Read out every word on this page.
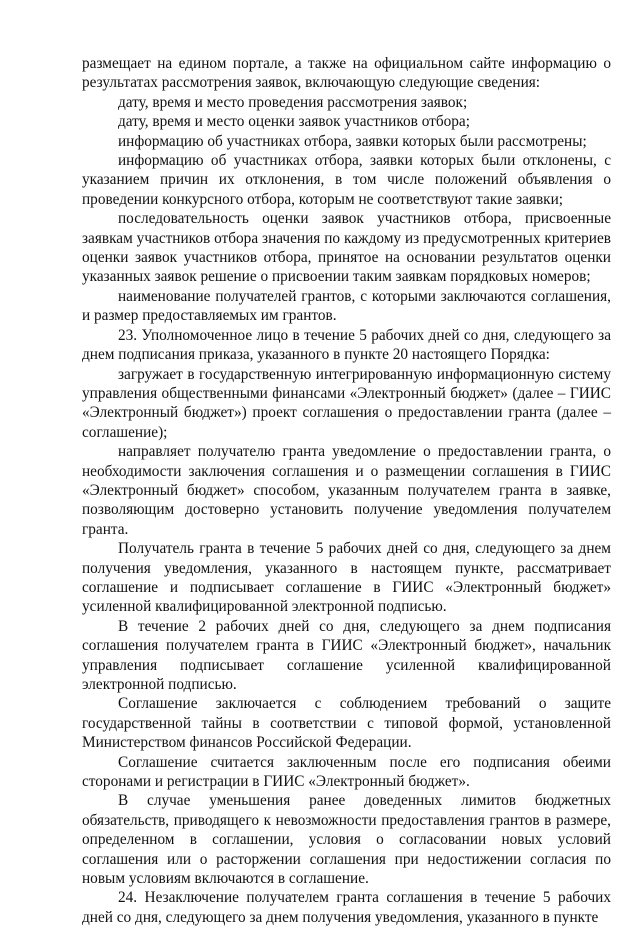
размещает на едином портале, а также на официальном сайте информацию о результатах рассмотрения заявок, включающую следующие сведения:

дату, время и место проведения рассмотрения заявок;

дату, время и место оценки заявок участников отбора;

информацию об участниках отбора, заявки которых были рассмотрены;

информацию об участниках отбора, заявки которых были отклонены, с указанием причин их отклонения, в том числе положений объявления о проведении конкурсного отбора, которым не соответствуют такие заявки;

последовательность оценки заявок участников отбора, присвоенные заявкам участников отбора значения по каждому из предусмотренных критериев оценки заявок участников отбора, принятое на основании результатов оценки указанных заявок решение о присвоении таким заявкам порядковых номеров;

наименование получателей грантов, с которыми заключаются соглашения, и размер предоставляемых им грантов.

23. Уполномоченное лицо в течение 5 рабочих дней со дня, следующего за днем подписания приказа, указанного в пункте 20 настоящего Порядка:

загружает в государственную интегрированную информационную систему управления общественными финансами «Электронный бюджет» (далее – ГИИС «Электронный бюджет») проект соглашения о предоставлении гранта (далее – соглашение);

направляет получателю гранта уведомление о предоставлении гранта, о необходимости заключения соглашения и о размещении соглашения в ГИИС «Электронный бюджет» способом, указанным получателем гранта в заявке, позволяющим достоверно установить получение уведомления получателем гранта.

Получатель гранта в течение 5 рабочих дней со дня, следующего за днем получения уведомления, указанного в настоящем пункте, рассматривает соглашение и подписывает соглашение в ГИИС «Электронный бюджет» усиленной квалифицированной электронной подписью.

В течение 2 рабочих дней со дня, следующего за днем подписания соглашения получателем гранта в ГИИС «Электронный бюджет», начальник управления подписывает соглашение усиленной квалифицированной электронной подписью.

Соглашение заключается с соблюдением требований о защите государственной тайны в соответствии с типовой формой, установленной Министерством финансов Российской Федерации.

Соглашение считается заключенным после его подписания обеими сторонами и регистрации в ГИИС «Электронный бюджет».

В случае уменьшения ранее доведенных лимитов бюджетных обязательств, приводящего к невозможности предоставления грантов в размере, определенном в соглашении, условия о согласовании новых условий соглашения или о расторжении соглашения при недостижении согласия по новым условиям включаются в соглашение.

24. Незаключение получателем гранта соглашения в течение 5 рабочих дней со дня, следующего за днем получения уведомления, указанного в пункте
